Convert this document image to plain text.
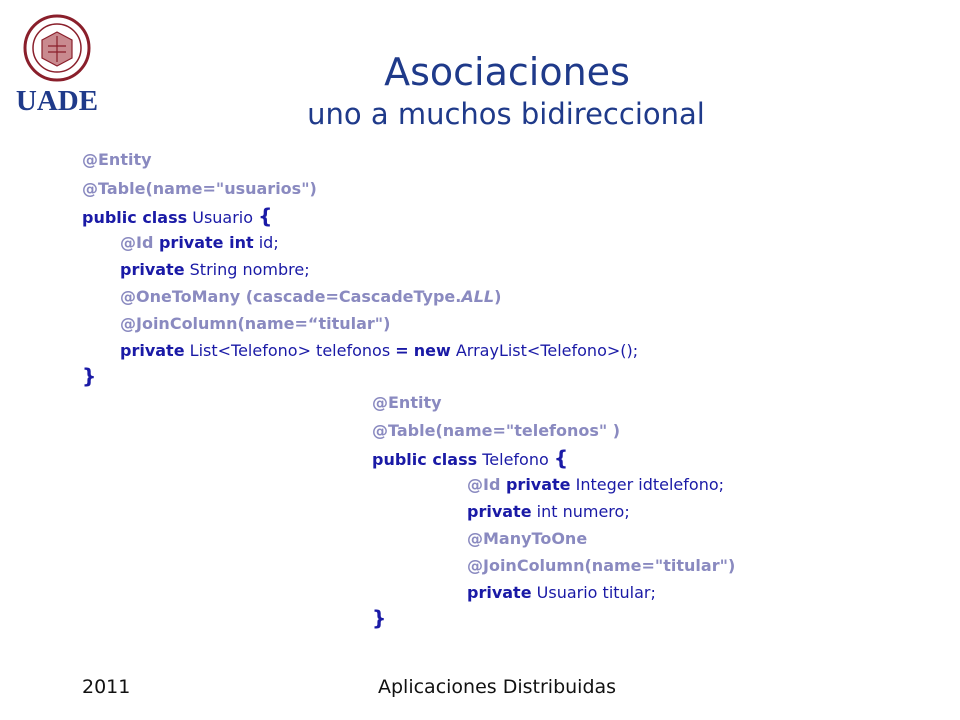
UADE
Asociaciones
uno a muchos bidireccional

@Entity

@Table(name="usuarios")

public class Usuario {

@Id private int id;

private String nombre;

@OneToMany (cascade=CascadeType.ALL)

@JoinColumn(name=“titular")

private List<Telefono> telefonos = new ArrayList<Telefono>();

}

@Entity

@Table(name="telefonos" )

public class Telefono {

@Id private Integer idtelefono;

private int numero;

@ManyToOne

@JoinColumn(name="titular")

private Usuario titular;

}

2011	Aplicaciones Distribuidas
